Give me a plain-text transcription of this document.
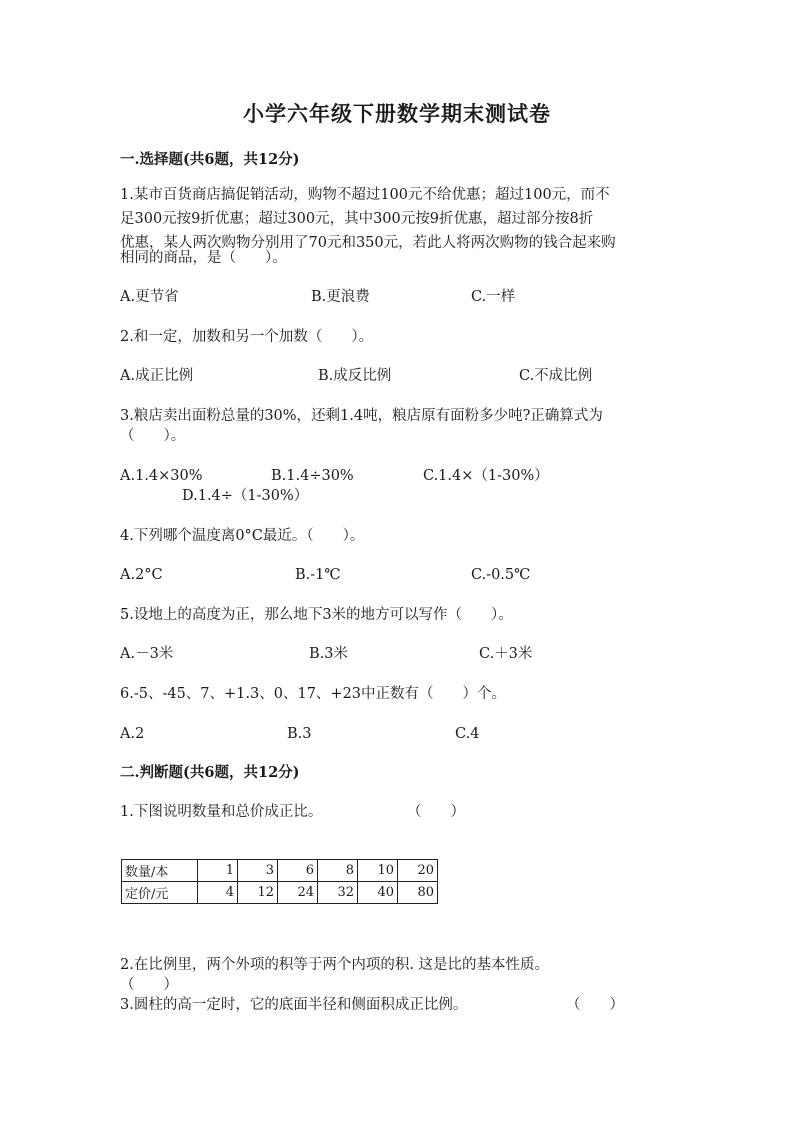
小学六年级下册数学期末测试卷
一.选择题(共6题，共12分)
1.某市百货商店搞促销活动，购物不超过100元不给优惠；超过100元，而不
足300元按9折优惠；超过300元，其中300元按9折优惠，超过部分按8折
优惠，某人两次购物分别用了70元和350元，若此人将两次购物的钱合起来购
相同的商品，是（　　）。
A.更节省	B.更浪费	C.一样
2.和一定，加数和另一个加数（　　）。
A.成正比例	B.成反比例	C.不成比例
3.粮店卖出面粉总量的30%，还剩1.4吨，粮店原有面粉多少吨?正确算式为
（　　）。
A.1.4×30%	B.1.4÷30%	C.1.4×（1-30%）
D.1.4÷（1-30%）
4.下列哪个温度离0°C最近。（　　）。
A.2°C	B.-1℃	C.-0.5℃
5.设地上的高度为正，那么地下3米的地方可以写作（　　）。
A.－3米	B.3米	C.＋3米
6.-5、-45、7、+1.3、0、17、+23中正数有（　　）个。
A.2	B.3	C.4
二.判断题(共6题，共12分)
1.下图说明数量和总价成正比。	（　　）
数量/本	1	3	6	8	10	20
定价/元	4	12	24	32	40	80
2.在比例里，两个外项的积等于两个内项的积. 这是比的基本性质。
（　　）
3.圆柱的高一定时，它的底面半径和侧面积成正比例。	（　　）
